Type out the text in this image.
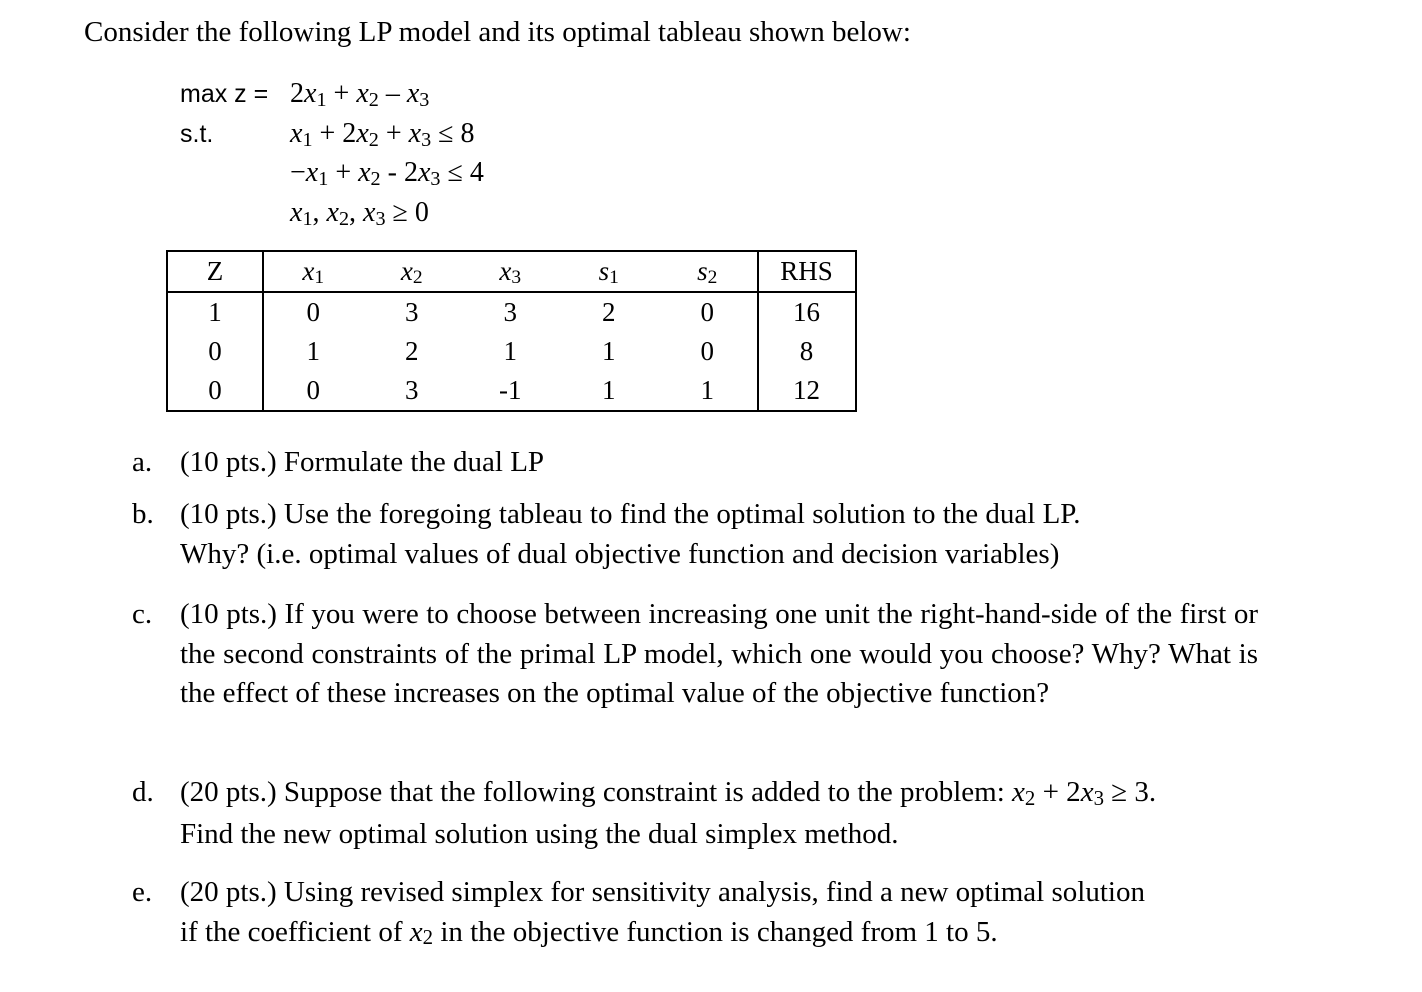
Consider the following LP model and its optimal tableau shown below:
max z = 2x1 + x2 – x3
s.t.	x1 + 2x2 + x3 ≤ 8
−x1 + x2 - 2x3 ≤ 4
x1, x2, x3 ≥ 0
Z	x1	x2	x3	s1	s2	RHS
1	0	3	3	2	0	16
0	1	2	1	1	0	8
0	0	3	-1	1	1	12
a. (10 pts.) Formulate the dual LP
b. (10 pts.) Use the foregoing tableau to find the optimal solution to the dual LP.
Why? (i.e. optimal values of dual objective function and decision variables)
c. (10 pts.) If you were to choose between increasing one unit the right-hand-side of the first or the second constraints of the primal LP model, which one would you choose? Why? What is the effect of these increases on the optimal value of the objective function?
d. (20 pts.) Suppose that the following constraint is added to the problem: x2 + 2x3 ≥ 3.
Find the new optimal solution using the dual simplex method.
e. (20 pts.) Using revised simplex for sensitivity analysis, find a new optimal solution
if the coefficient of x2 in the objective function is changed from 1 to 5.
